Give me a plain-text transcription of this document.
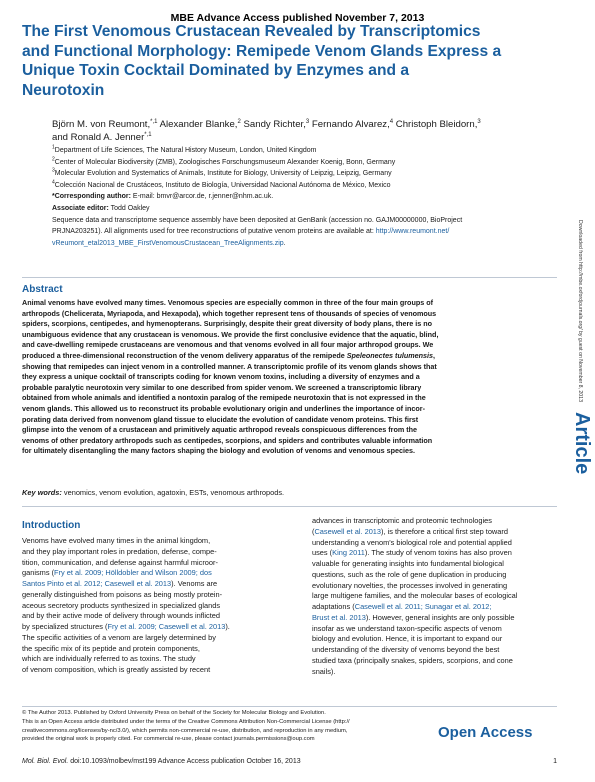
MBE Advance Access published November 7, 2013
The First Venomous Crustacean Revealed by Transcriptomics
and Functional Morphology: Remipede Venom Glands Express a
Unique Toxin Cocktail Dominated by Enzymes and a
Neurotoxin
Björn M. von Reumont,$^{*,1}$ Alexander Blanke,$^2$ Sandy Richter,$^3$ Fernando Alvarez,$^4$ Christoph Bleidorn,$^3$
and Ronald A. Jenner$^{*,1}$
$^1$Department of Life Sciences, The Natural History Museum, London, United Kingdom
$^2$Center of Molecular Biodiversity (ZMB), Zoologisches Forschungsmuseum Alexander Koenig, Bonn, Germany
$^3$Molecular Evolution and Systematics of Animals, Institute for Biology, University of Leipzig, Leipzig, Germany
$^4$Colección Nacional de Crustáceos, Instituto de Biología, Universidad Nacional Autónoma de México, Mexico
*Corresponding author: E-mail: bmvr@arcor.de, r.jenner@nhm.ac.uk.
Associate editor: Todd Oakley
Sequence data and transcriptome sequence assembly have been deposited at GenBank (accession no. GAJM00000000, BioProject
PRJNA203251). All alignments used for tree reconstructions of putative venom proteins are available at: http://www.reumont.net/
vReumont_etal2013_MBE_FirstVenomousCrustacean_TreeAlignments.zip.	Downloaded from http://mbe.oxfordjournals.org/ by guest on November 8, 2013
Article
Abstract
Animal venoms have evolved many times. Venomous species are especially common in three of the four main groups of
arthropods (Chelicerata, Myriapoda, and Hexapoda), which together represent tens of thousands of species of venomous
spiders, scorpions, centipedes, and hymenopterans. Surprisingly, despite their great diversity of body plans, there is no
unambiguous evidence that any crustacean is venomous. We provide the first conclusive evidence that the aquatic, blind,
and cave-dwelling remipede crustaceans are venomous and that venoms evolved in all four major arthropod groups. We
produced a three-dimensional reconstruction of the venom delivery apparatus of the remipede Speleonectes tulumensis,
showing that remipedes can inject venom in a controlled manner. A transcriptomic profile of its venom glands shows that
they express a unique cocktail of transcripts coding for known venom toxins, including a diversity of enzymes and a
probable paralytic neurotoxin very similar to one described from spider venom. We screened a transcriptomic library
obtained from whole animals and identified a nontoxin paralog of the remipede neurotoxin that is not expressed in the
venom glands. This allowed us to reconstruct its probable evolutionary origin and underlines the importance of incor-
porating data derived from nonvenom gland tissue to elucidate the evolution of candidate venom proteins. This first
glimpse into the venom of a crustacean and primitively aquatic arthropod reveals conspicuous differences from the
venoms of other predatory arthropods such as centipedes, scorpions, and spiders and contributes valuable information
for ultimately disentangling the many factors shaping the biology and evolution of venoms and venomous species.
Key words: venomics, venom evolution, agatoxin, ESTs, venomous arthropods.
Introduction
Venoms have evolved many times in the animal kingdom,
and they play important roles in predation, defense, compe-
tition, communication, and defense against harmful microor-
ganisms (Fry et al. 2009; Hölldobler and Wilson 2009; dos
Santos Pinto et al. 2012; Casewell et al. 2013). Venoms are
generally distinguished from poisons as being mostly protein-
aceous secretory products synthesized in specialized glands
and by their active mode of delivery through wounds inflicted
by specialized structures (Fry et al. 2009; Casewell et al. 2013).
The specific activities of a venom are largely determined by
the specific mix of its peptide and protein components,
which are individually referred to as toxins. The study
of venom composition, which is greatly assisted by recent
advances in transcriptomic and proteomic technologies
(Casewell et al. 2013), is therefore a critical first step toward
understanding a venom's biological role and potential applied
uses (King 2011). The study of venom toxins has also proven
valuable for generating insights into fundamental biological
questions, such as the role of gene duplication in producing
evolutionary novelties, the processes involved in generating
large multigene families, and the molecular bases of ecological
adaptations (Casewell et al. 2011; Sunagar et al. 2012;
Brust et al. 2013). However, general insights are only possible
insofar as we understand taxon-specific aspects of venom
biology and evolution. Hence, it is important to expand our
understanding of the diversity of venoms beyond the best
studied taxa (principally snakes, spiders, scorpions, and cone
snails).
© The Author 2013. Published by Oxford University Press on behalf of the Society for Molecular Biology and Evolution.
This is an Open Access article distributed under the terms of the Creative Commons Attribution Non-Commercial License (http://
creativecommons.org/licenses/by-nc/3.0/), which permits non-commercial re-use, distribution, and reproduction in any medium,
provided the original work is properly cited. For commercial re-use, please contact journals.permissions@oup.com	Open Access
Mol. Biol. Evol. doi:10.1093/molbev/mst199 Advance Access publication October 16, 2013	1
